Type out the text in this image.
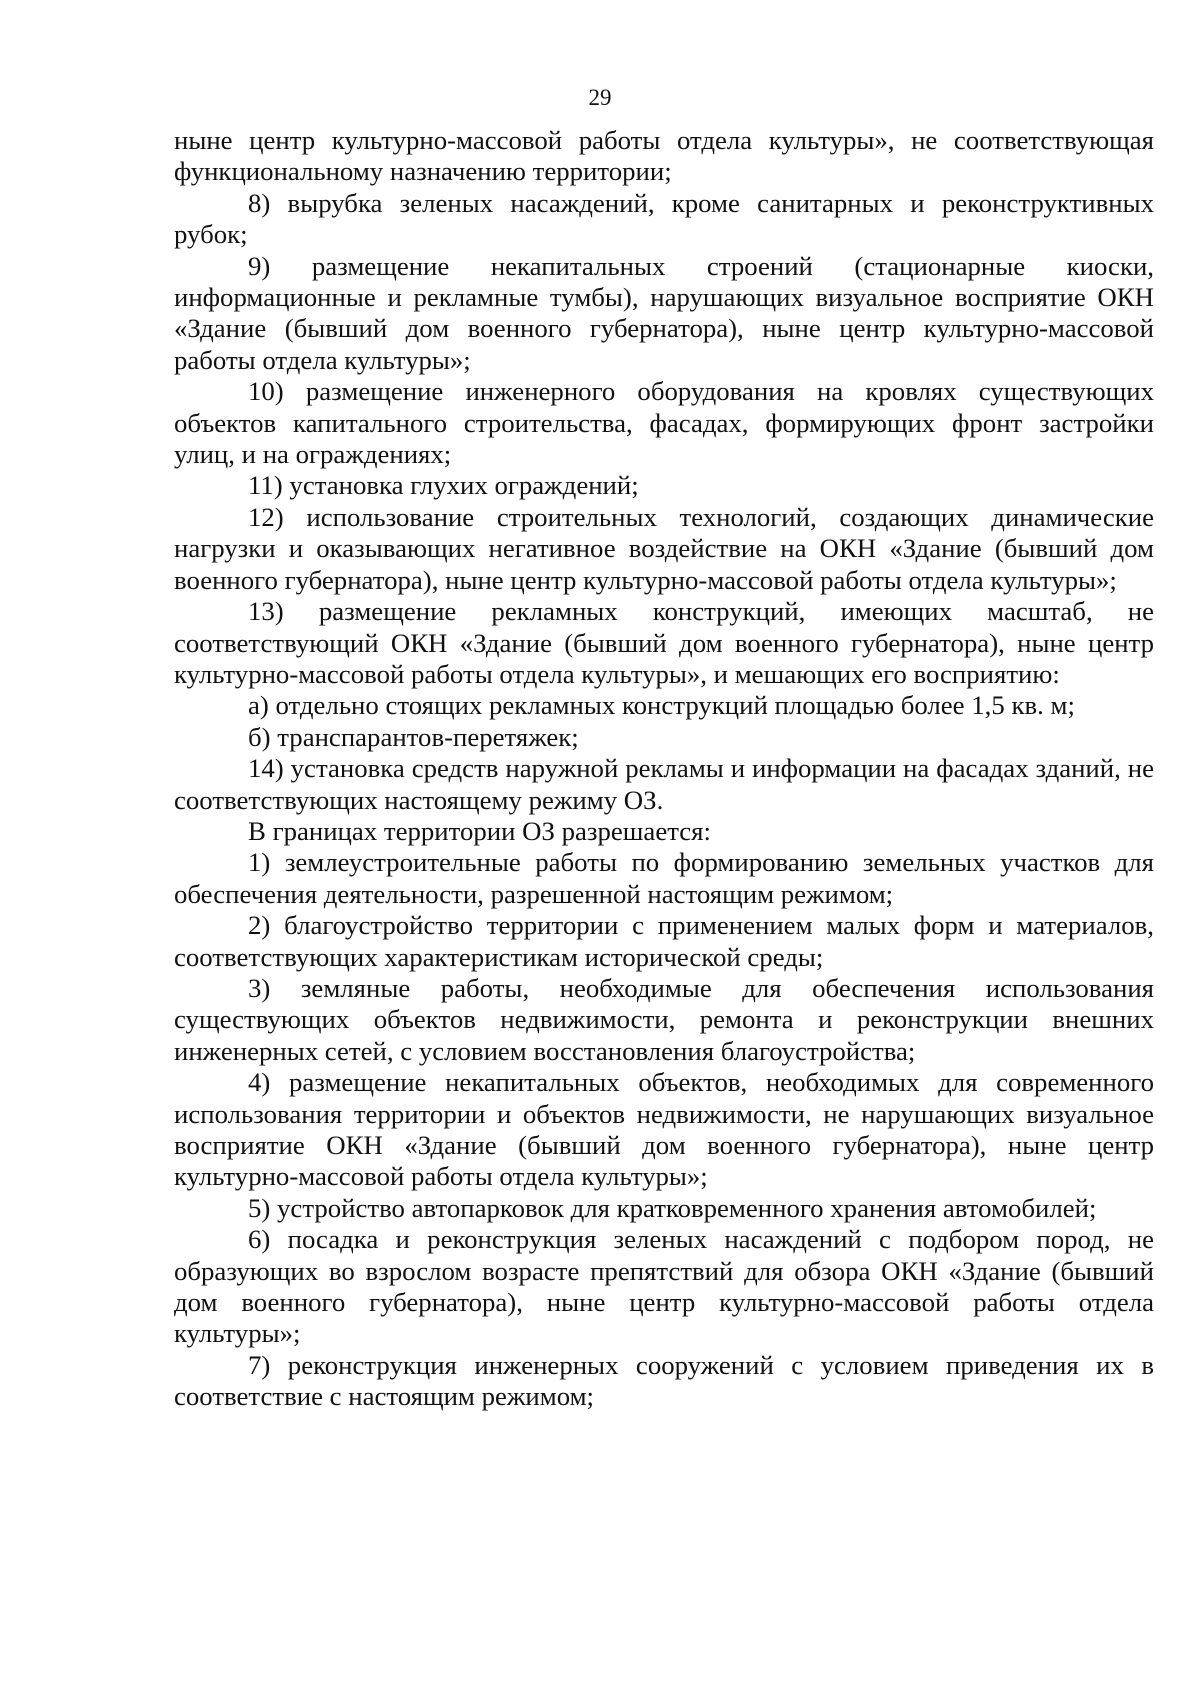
29

ныне центр культурно-массовой работы отдела культуры», не соответствующая функциональному назначению территории;

8) вырубка зеленых насаждений, кроме санитарных и реконструктивных рубок;

9) размещение некапитальных строений (стационарные киоски, информационные и рекламные тумбы), нарушающих визуальное восприятие ОКН «Здание (бывший дом военного губернатора), ныне центр культурно-массовой работы отдела культуры»;

10) размещение инженерного оборудования на кровлях существующих объектов капитального строительства, фасадах, формирующих фронт застройки улиц, и на ограждениях;

11) установка глухих ограждений;

12) использование строительных технологий, создающих динамические нагрузки и оказывающих негативное воздействие на ОКН «Здание (бывший дом военного губернатора), ныне центр культурно-массовой работы отдела культуры»;

13) размещение рекламных конструкций, имеющих масштаб, не соответствующий ОКН «Здание (бывший дом военного губернатора), ныне центр культурно-массовой работы отдела культуры», и мешающих его восприятию:

а) отдельно стоящих рекламных конструкций площадью более 1,5 кв. м;

б) транспарантов-перетяжек;

14) установка средств наружной рекламы и информации на фасадах зданий, не соответствующих настоящему режиму ОЗ.

В границах территории ОЗ разрешается:

1) землеустроительные работы по формированию земельных участков для обеспечения деятельности, разрешенной настоящим режимом;

2) благоустройство территории с применением малых форм и материалов, соответствующих характеристикам исторической среды;

3) земляные работы, необходимые для обеспечения использования существующих объектов недвижимости, ремонта и реконструкции внешних инженерных сетей, с условием восстановления благоустройства;

4) размещение некапитальных объектов, необходимых для современного использования территории и объектов недвижимости, не нарушающих визуальное восприятие ОКН «Здание (бывший дом военного губернатора), ныне центр культурно-массовой работы отдела культуры»;

5) устройство автопарковок для кратковременного хранения автомобилей;

6) посадка и реконструкция зеленых насаждений с подбором пород, не образующих во взрослом возрасте препятствий для обзора ОКН «Здание (бывший дом военного губернатора), ныне центр культурно-массовой работы отдела культуры»;

7) реконструкция инженерных сооружений с условием приведения их в соответствие с настоящим режимом;
